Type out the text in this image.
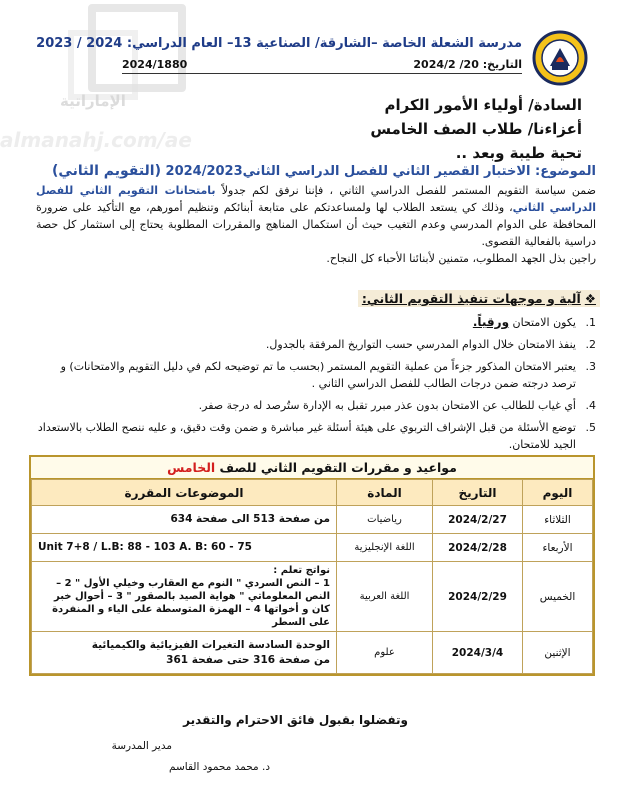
الإماراتية
almanahj.com/ae
مدرسة الشعلة الخاصة –الشارقة/ الصناعية 13– العام الدراسي: 2024 / 2023
التاريخ: 20/ 2024/2
2024/1880
السادة/ أولياء الأمور الكرام
أعزاءنا/ طلاب الصف الخامس
تحية طيبة وبعد ..
الموضوع: الاختبار القصير الثاني للفصل الدراسي الثاني2024/2023 (التقويم الثاني)
ضمن سياسة التقويم المستمر للفصل الدراسي الثاني ، فإننا نرفق لكم جدولاً بامتحانات التقويم الثاني للفصل الدراسي الثاني، وذلك كي يستعد الطلاب لها ولمساعدتكم على متابعة أبنائكم وتنظيم أمورهم، مع التأكيد على ضرورة المحافظة على الدوام المدرسي وعدم التغيب حيث أن استكمال المناهج والمقررات المطلوبة يحتاج إلى استثمار كل حصة دراسية بالفعالية القصوى.
راجين بذل الجهد المطلوب، متمنين لأبنائنا الأحباء كل النجاح.
❖آلية و موجهات تنفيذ التقويم الثاني:
1.
يكون الامتحان ورقياً.
2.
ينفذ الامتحان خلال الدوام المدرسي حسب التواريخ المرفقة بالجدول.
3.
يعتبر الامتحان المذكور جزءاً من عملية التقويم المستمر (بحسب ما تم توضيحه لكم في دليل التقويم والامتحانات) و ترصد درجته ضمن درجات الطالب للفصل الدراسي الثاني .
4.
أي غياب للطالب عن الامتحان بدون عذر مبرر تقبل به الإدارة ستُرصد له درجة صفر.
5.
توضع الأسئلة من قبل الإشراف التربوي على هيئة أسئلة غير مباشرة و ضمن وقت دقيق، و عليه ننصح الطلاب بالاستعداد الجيد للامتحان.
مواعيد و مقررات التقويم الثاني للصف الخامس
اليوم	التاريخ	المادة	الموضوعات المقررة
الثلاثاء	2024/2/27	رياضيات	من صفحة 513 الى صفحة 634
الأربعاء	2024/2/28	اللغة الإنجليزية	Unit 7+8 / L.B: 88 - 103 A. B: 60 - 75

الخميس	2024/2/29	اللغة العربية	نواتج تعلم :
1 – النص السردي " النوم مع العقارب وخيلي الأول " 2 – النص المعلوماتي " هواية الصيد بالصقور " 3 – أحوال خبر كان و أخواتها 4 – الهمزة المتوسطة على الياء و المنفردة على السطر
الإثنين	2024/3/4	علوم	الوحدة السادسة التغيرات الفيزيائية والكيميائية
من صفحة 316 حتى صفحة 361
وتفضلوا بقبول فائق الاحترام والتقدير
مدير المدرسة
د. محمد محمود القاسم
